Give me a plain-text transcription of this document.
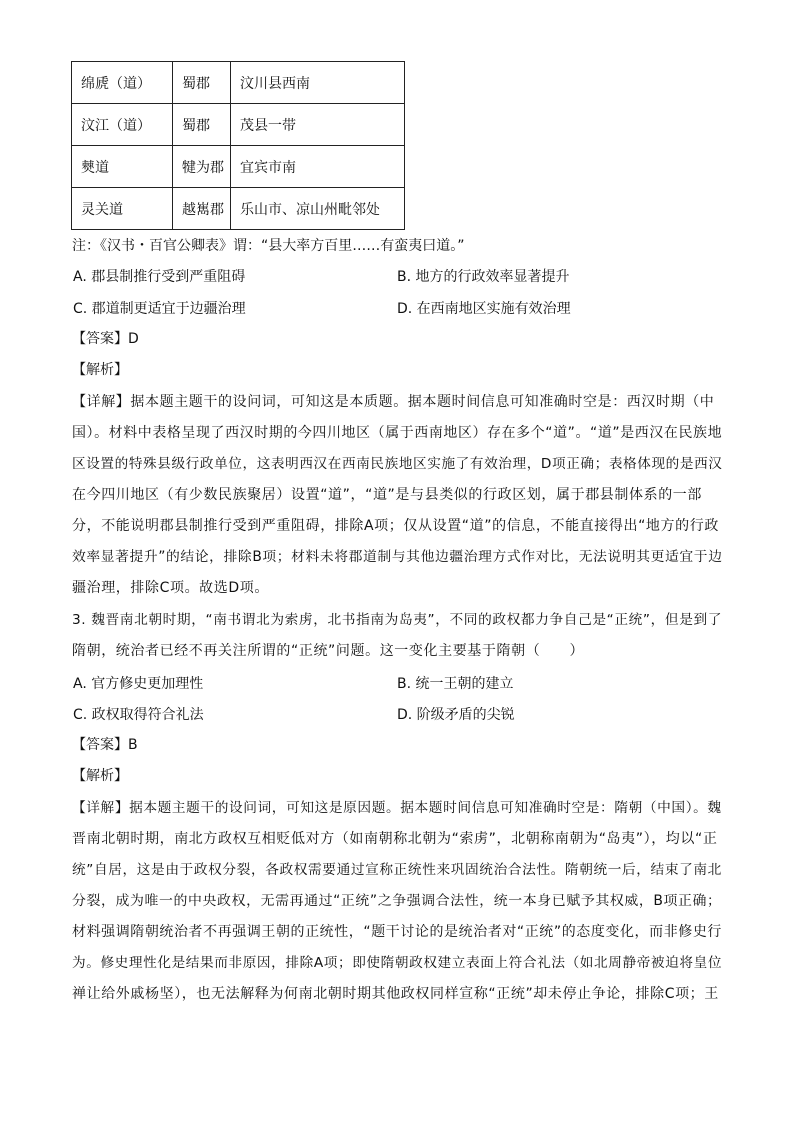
绵虒（道）	蜀郡	汶川县西南
汶江（道）	蜀郡	茂县一带
僰道	犍为郡	宜宾市南
灵关道	越嶲郡	乐山市、凉山州毗邻处
注：《汉书・百官公卿表》谓：“县大率方百里……有蛮夷曰道。”
A. 郡县制推行受到严重阻碍	B. 地方的行政效率显著提升
C. 郡道制更适宜于边疆治理	D. 在西南地区实施有效治理
【答案】D
【解析】
【详解】据本题主题干的设问词，可知这是本质题。据本题时间信息可知准确时空是：西汉时期（中
国）。材料中表格呈现了西汉时期的今四川地区（属于西南地区）存在多个“道”。“道”是西汉在民族地
区设置的特殊县级行政单位，这表明西汉在西南民族地区实施了有效治理，D项正确；表格体现的是西汉
在今四川地区（有少数民族聚居）设置“道”，“道”是与县类似的行政区划，属于郡县制体系的一部
分，不能说明郡县制推行受到严重阻碍，排除A项；仅从设置“道”的信息，不能直接得出“地方的行政
效率显著提升”的结论，排除B项；材料未将郡道制与其他边疆治理方式作对比，无法说明其更适宜于边
疆治理，排除C项。故选D项。
3. 魏晋南北朝时期，“南书谓北为索虏，北书指南为岛夷”，不同的政权都力争自己是“正统”，但是到了
隋朝，统治者已经不再关注所谓的“正统”问题。这一变化主要基于隋朝（　　）
A. 官方修史更加理性	B. 统一王朝的建立
C. 政权取得符合礼法	D. 阶级矛盾的尖锐
【答案】B
【解析】
【详解】据本题主题干的设问词，可知这是原因题。据本题时间信息可知准确时空是：隋朝（中国）。魏
晋南北朝时期，南北方政权互相贬低对方（如南朝称北朝为“索虏”，北朝称南朝为“岛夷”），均以“正
统”自居，这是由于政权分裂，各政权需要通过宣称正统性来巩固统治合法性。隋朝统一后，结束了南北
分裂，成为唯一的中央政权，无需再通过“正统”之争强调合法性，统一本身已赋予其权威，B项正确；
材料强调隋朝统治者不再强调王朝的正统性，“题干讨论的是统治者对“正统”的态度变化，而非修史行
为。修史理性化是结果而非原因，排除A项；即使隋朝政权建立表面上符合礼法（如北周静帝被迫将皇位
禅让给外戚杨坚），也无法解释为何南北朝时期其他政权同样宣称“正统”却未停止争论，排除C项；王
